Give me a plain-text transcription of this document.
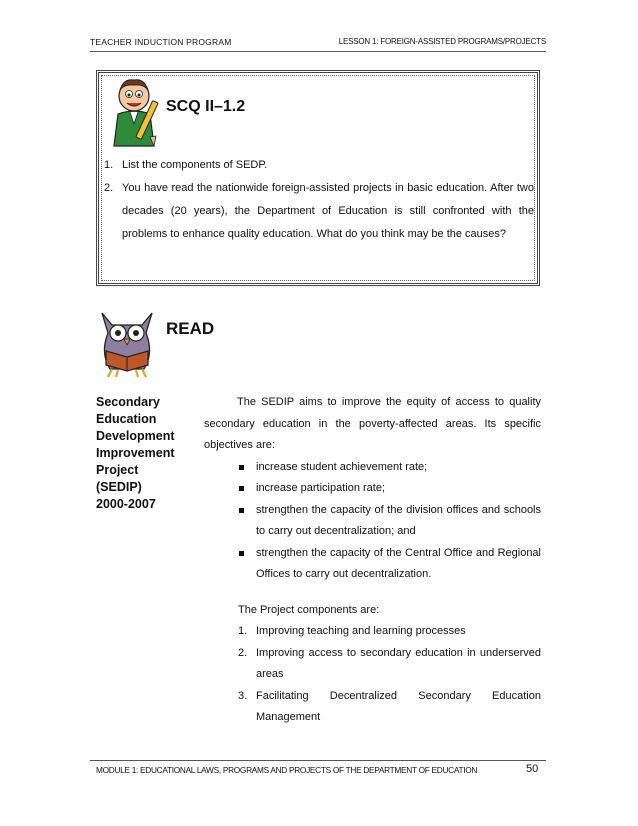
TEACHER INDUCTION PROGRAM	LESSON 1: FOREIGN-ASSISTED PROGRAMS/PROJECTS
SCQ II–1.2
1. List the components of SEDP.
2. You have read the nationwide foreign-assisted projects in basic education. After two decades (20 years), the Department of Education is still confronted with the problems to enhance quality education. What do you think may be the causes?
READ
Secondary
Education
Development
Improvement
Project
(SEDIP)
2000-2007

The SEDIP aims to improve the equity of access to quality secondary education in the poverty-affected areas. Its specific objectives are:

increase student achievement rate;
increase participation rate;
strengthen the capacity of the division offices and schools to carry out decentralization; and
strengthen the capacity of the Central Office and Regional Offices to carry out decentralization.
The Project components are:
1. Improving teaching and learning processes
2. Improving access to secondary education in underserved areas
3. Facilitating Decentralized Secondary Education Management
MODULE 1: EDUCATIONAL LAWS, PROGRAMS AND PROJECTS OF THE DEPARTMENT OF EDUCATION	50
